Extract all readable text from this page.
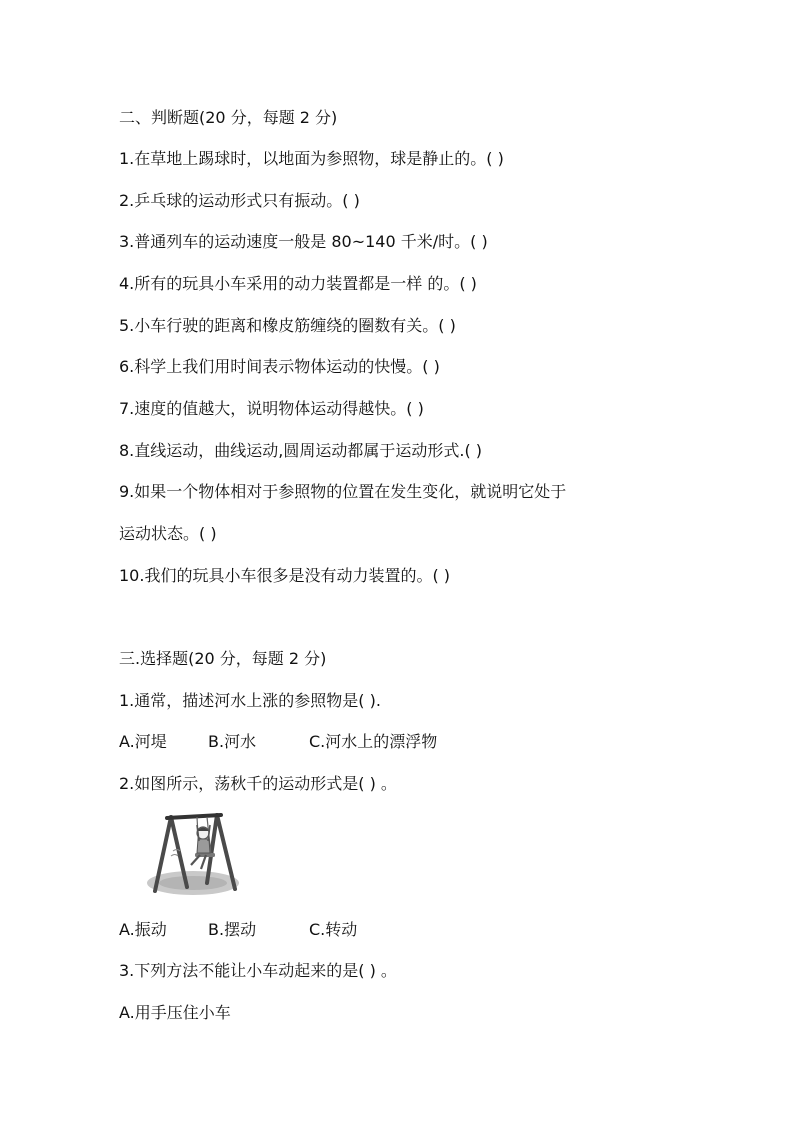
二、判断题(20 分，每题 2 分)

1.在草地上踢球时，以地面为参照物，球是静止的。( )

2.乒乓球的运动形式只有振动。( )

3.普通列车的运动速度一般是 80~140 千米/时。( )

4.所有的玩具小车采用的动力装置都是一样 的。( )

5.小车行驶的距离和橡皮筋缠绕的圈数有关。( )

6.科学上我们用时间表示物体运动的快慢。( )

7.速度的值越大，说明物体运动得越快。( )

8.直线运动，曲线运动,圆周运动都属于运动形式.( )

9.如果一个物体相对于参照物的位置在发生变化，就说明它处于

运动状态。( )

10.我们的玩具小车很多是没有动力装置的。( )

三.选择题(20 分，每题 2 分)

1.通常，描述河水上涨的参照物是( ).

A.河堤	B.河水	C.河水上的漂浮物

2.如图所示，荡秋千的运动形式是( ) 。

A.振动	B.摆动	C.转动

3.下列方法不能让小车动起来的是( ) 。

A.用手压住小车
